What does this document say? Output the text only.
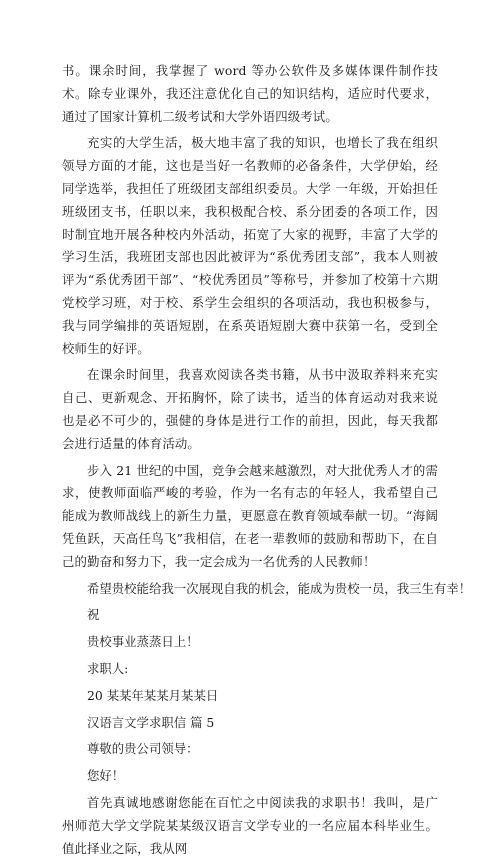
书。课余时间，我掌握了 word 等办公软件及多媒体课件制作技术。除专业课外，我还注意优化自己的知识结构，适应时代要求，通过了国家计算机二级考试和大学外语四级考试。

充实的大学生活，极大地丰富了我的知识，也增长了我在组织领导方面的才能，这也是当好一名教师的必备条件，大学伊始，经同学选举，我担任了班级团支部组织委员。大学 一年级，开始担任班级团支书，任职以来，我积极配合校、系分团委的各项工作，因时制宜地开展各种校内外活动，拓宽了大家的视野，丰富了大学的学习生活，我班团支部也因此被评为“系优秀团支部”，我本人则被评为“系优秀团干部”、“校优秀团员”等称号，并参加了校第十六期党校学习班，对于校、系学生会组织的各项活动，我也积极参与，我与同学编排的英语短剧，在系英语短剧大赛中获第一名，受到全校师生的好评。

在课余时间里，我喜欢阅读各类书籍，从书中汲取养料来充实自己、更新观念、开拓胸怀，除了读书，适当的体育运动对我来说也是必不可少的，强健的身体是进行工作的前担，因此，每天我都会进行适量的体育活动。

步入 21 世纪的中国，竞争会越来越激烈，对大批优秀人才的需求，使教师面临严峻的考验，作为一名有志的年轻人，我希望自己能成为教师战线上的新生力量，更愿意在教育领域奉献一切。“海阔凭鱼跃，天高任鸟飞”我相信，在老一辈教师的鼓励和帮助下，在自己的勤奋和努力下，我一定会成为一名优秀的人民教师！

希望贵校能给我一次展现自我的机会，能成为贵校一员，我三生有幸！

祝

贵校事业蒸蒸日上！

求职人:

20 某某年某某月某某日

汉语言文学求职信 篇 5

尊敬的贵公司领导：

您好！

首先真诚地感谢您能在百忙之中阅读我的求职书！我叫，是广州师范大学文学院某某级汉语言文学专业的一名应届本科毕业生。值此择业之际，我从网
